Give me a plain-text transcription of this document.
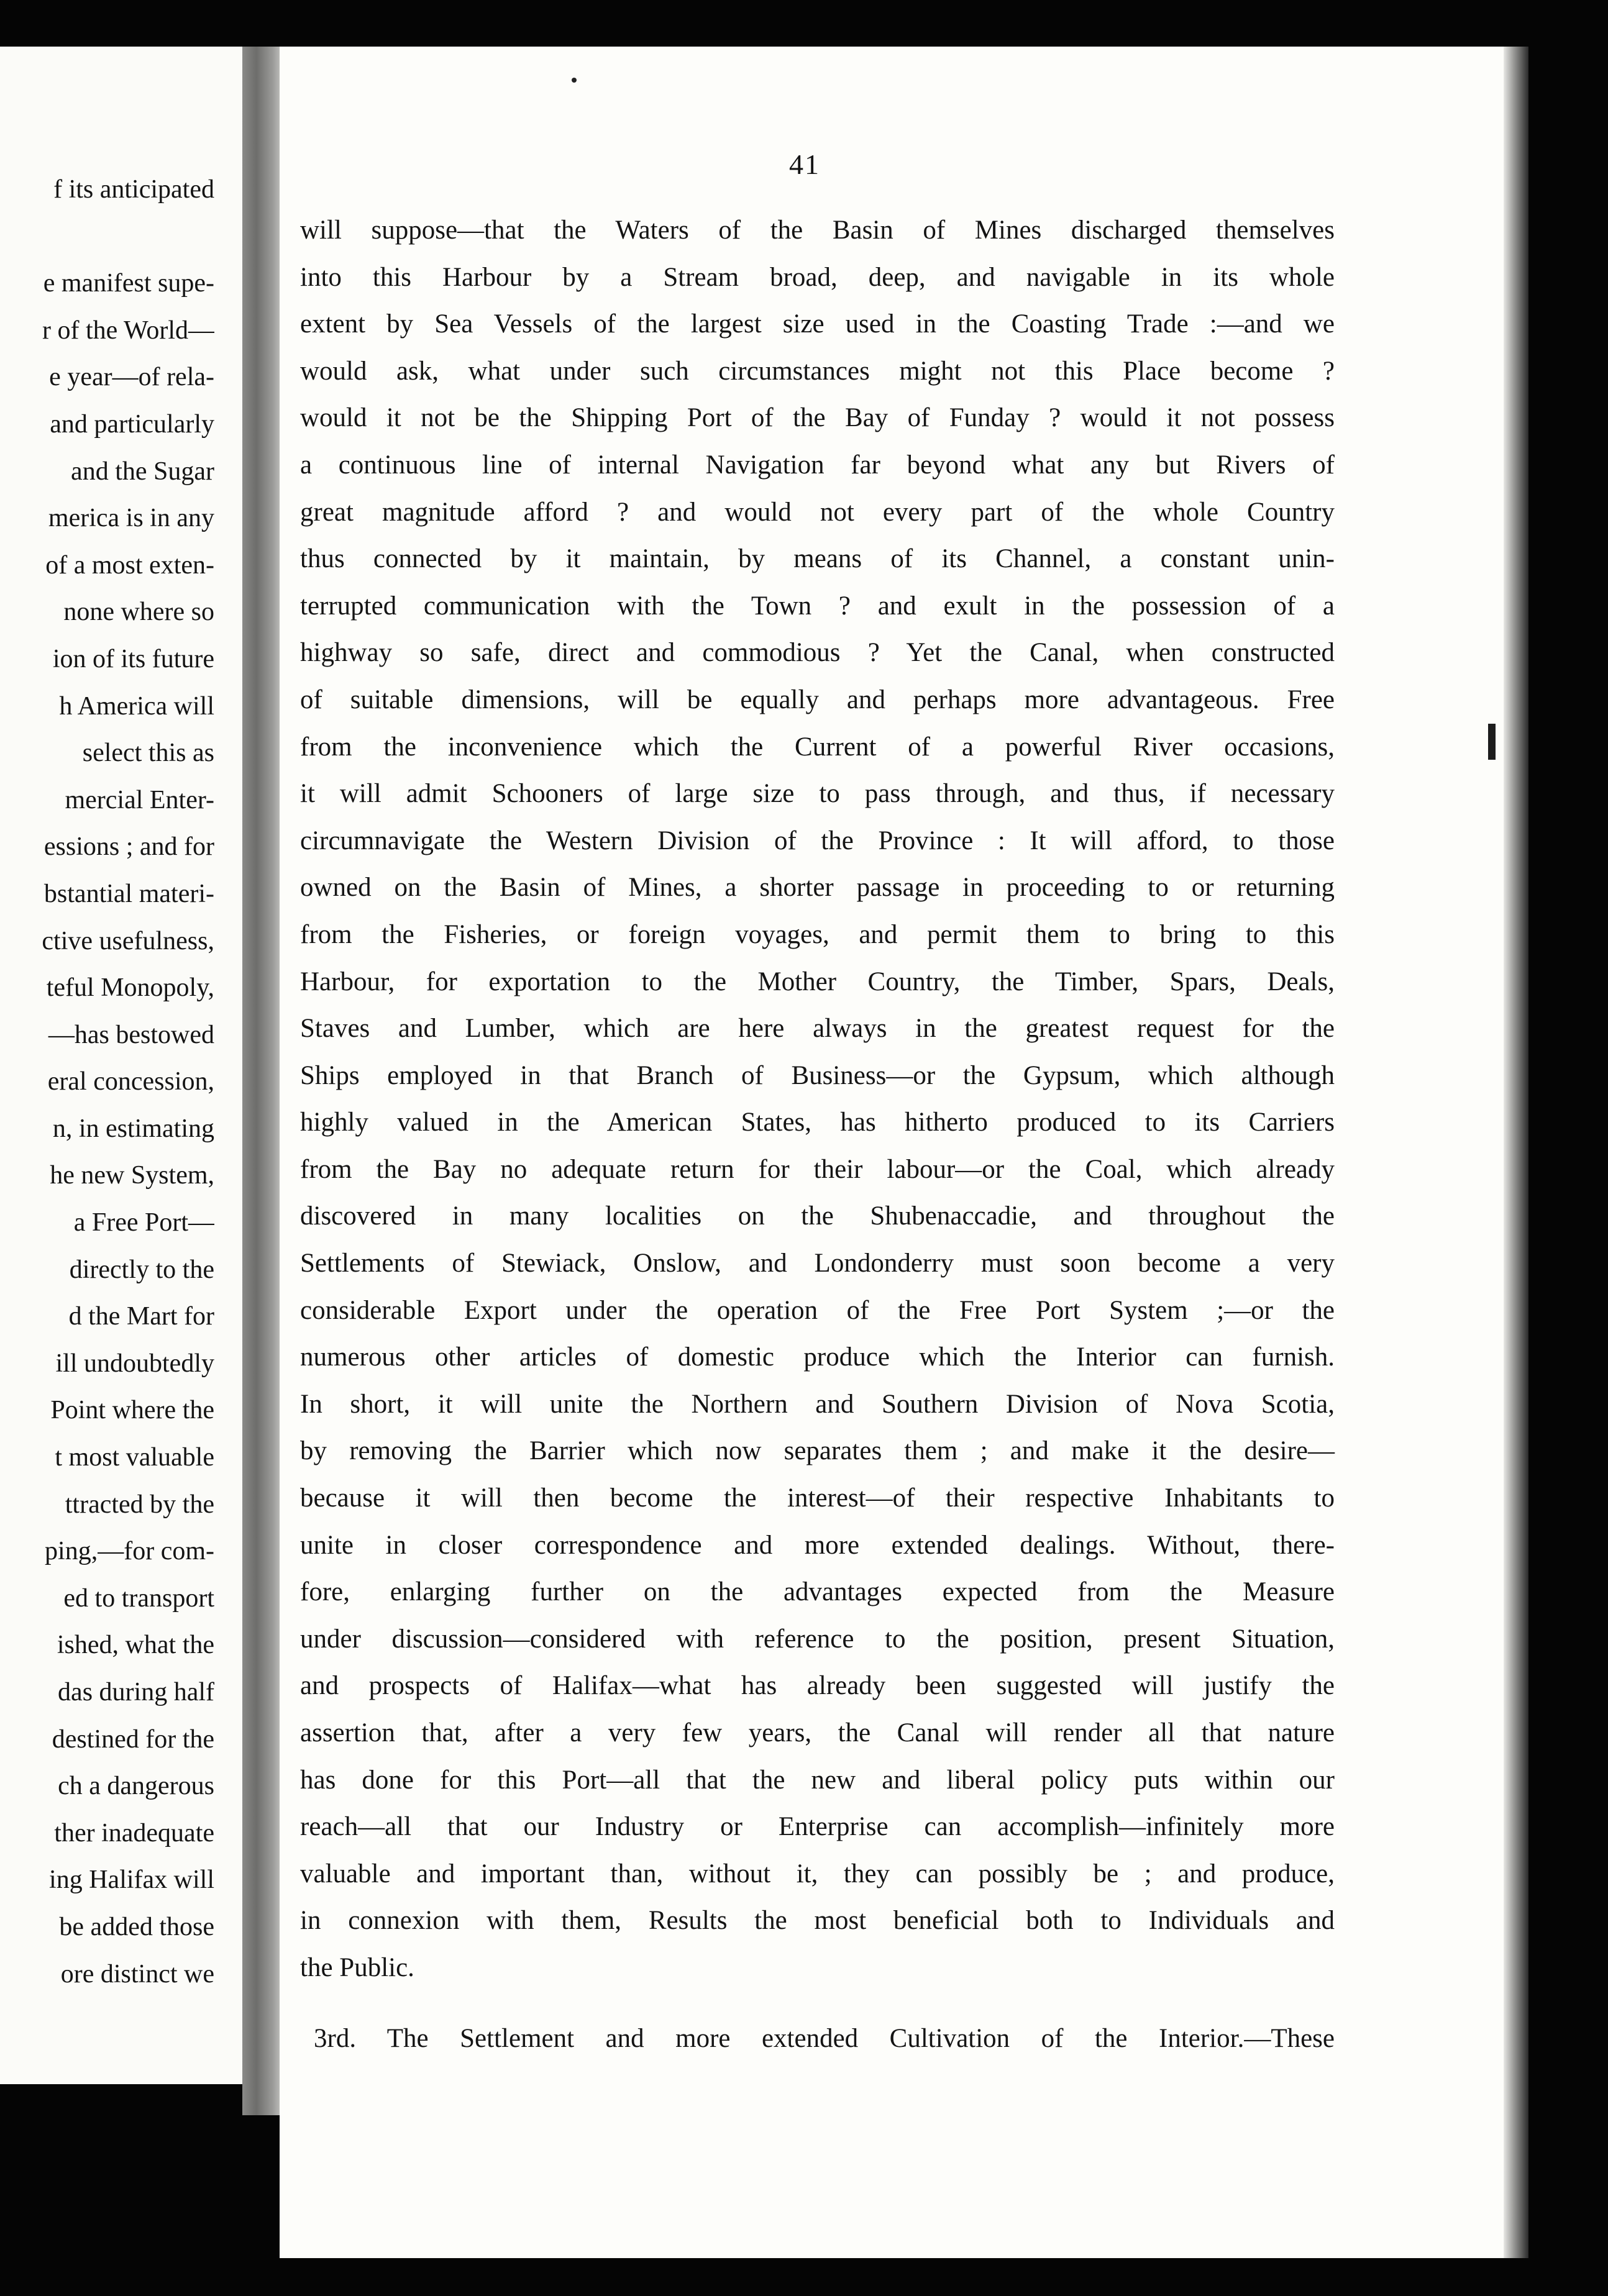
41
f its anticipated
e manifest supe-
r of the World—
e year—of rela-
and particularly
and the Sugar
merica is in any
of a most exten-
none where so
ion of its future
h America will
select this as
mercial Enter-
essions ; and for
bstantial materi-
ctive usefulness,
teful Monopoly,
—has bestowed
eral concession,
n, in estimating
he new System,
a Free Port—
directly to the
d the Mart for
ill undoubtedly
Point where the
t most valuable
ttracted by the
ping,—for com-
ed to transport
ished, what the
das during half
destined for the
ch a dangerous
ther inadequate
ing Halifax will
be added those
ore distinct we
will suppose—that the Waters of the Basin of Mines discharged themselves
into this Harbour by a Stream broad, deep, and navigable in its whole
extent by Sea Vessels of the largest size used in the Coasting Trade :—and we
would ask, what under such circumstances might not this Place become ?
would it not be the Shipping Port of the Bay of Funday ? would it not possess
a continuous line of internal Navigation far beyond what any but Rivers of
great magnitude afford ? and would not every part of the whole Country
thus connected by it maintain, by means of its Channel, a constant unin-
terrupted communication with the Town ? and exult in the possession of a
highway so safe, direct and commodious ? Yet the Canal, when constructed
of suitable dimensions, will be equally and perhaps more advantageous. Free
from the inconvenience which the Current of a powerful River occasions,
it will admit Schooners of large size to pass through, and thus, if necessary
circumnavigate the Western Division of the Province : It will afford, to those
owned on the Basin of Mines, a shorter passage in proceeding to or returning
from the Fisheries, or foreign voyages, and permit them to bring to this
Harbour, for exportation to the Mother Country, the Timber, Spars, Deals,
Staves and Lumber, which are here always in the greatest request for the
Ships employed in that Branch of Business—or the Gypsum, which although
highly valued in the American States, has hitherto produced to its Carriers
from the Bay no adequate return for their labour—or the Coal, which already
discovered in many localities on the Shubenaccadie, and throughout the
Settlements of Stewiack, Onslow, and Londonderry must soon become a very
considerable Export under the operation of the Free Port System ;—or the
numerous other articles of domestic produce which the Interior can furnish.
In short, it will unite the Northern and Southern Division of Nova Scotia,
by removing the Barrier which now separates them ; and make it the desire—
because it will then become the interest—of their respective Inhabitants to
unite in closer correspondence and more extended dealings. Without, there-
fore, enlarging further on the advantages expected from the Measure
under discussion—considered with reference to the position, present Situation,
and prospects of Halifax—what has already been suggested will justify the
assertion that, after a very few years, the Canal will render all that nature
has done for this Port—all that the new and liberal policy puts within our
reach—all that our Industry or Enterprise can accomplish—infinitely more
valuable and important than, without it, they can possibly be ; and produce,
in connexion with them, Results the most beneficial both to Individuals and
the Public.
3rd. The Settlement and more extended Cultivation of the Interior.—These
